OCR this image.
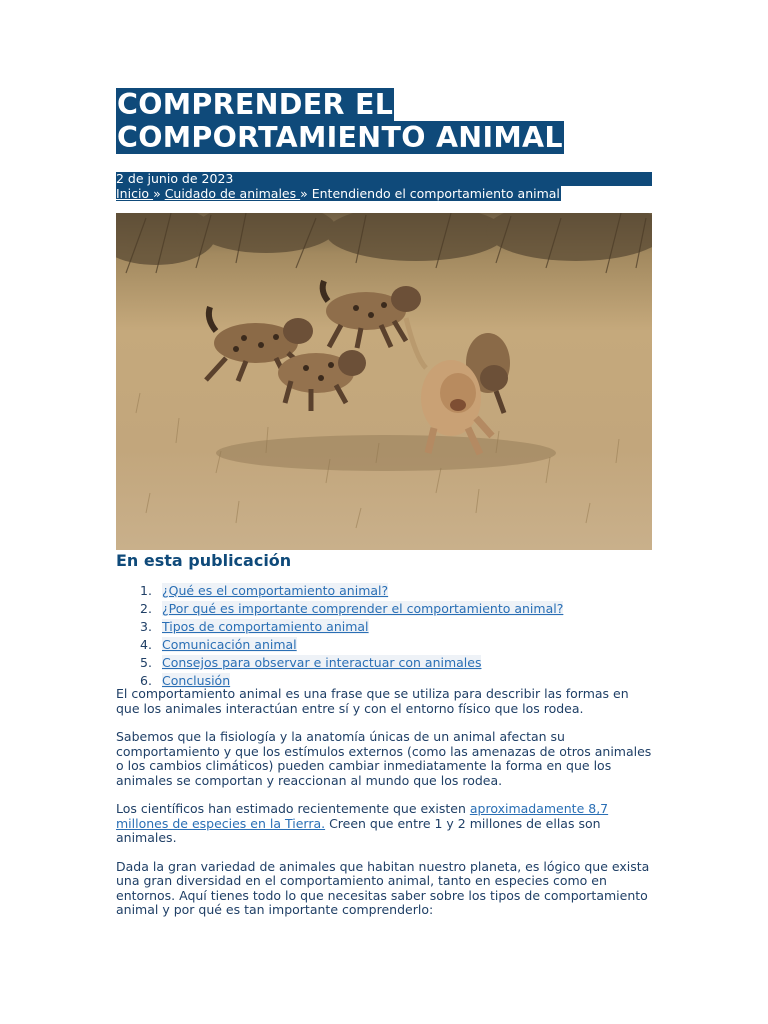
COMPRENDER EL
COMPORTAMIENTO ANIMAL
2 de junio de 2023
Inicio » Cuidado de animales » Entendiendo el comportamiento animal
En esta publicación
1. ¿Qué es el comportamiento animal?
2. ¿Por qué es importante comprender el comportamiento animal?
3. Tipos de comportamiento animal
4. Comunicación animal
5. Consejos para observar e interactuar con animales
6. Conclusión

El comportamiento animal es una frase que se utiliza para describir las formas en que los animales interactúan entre sí y con el entorno físico que los rodea.

Sabemos que la fisiología y la anatomía únicas de un animal afectan su comportamiento y que los estímulos externos (como las amenazas de otros animales o los cambios climáticos) pueden cambiar inmediatamente la forma en que los animales se comportan y reaccionan al mundo que los rodea.

Los científicos han estimado recientemente que existen aproximadamente 8,7 millones de especies en la Tierra. Creen que entre 1 y 2 millones de ellas son animales.

Dada la gran variedad de animales que habitan nuestro planeta, es lógico que exista una gran diversidad en el comportamiento animal, tanto en especies como en entornos. Aquí tienes todo lo que necesitas saber sobre los tipos de comportamiento animal y por qué es tan importante comprenderlo:
